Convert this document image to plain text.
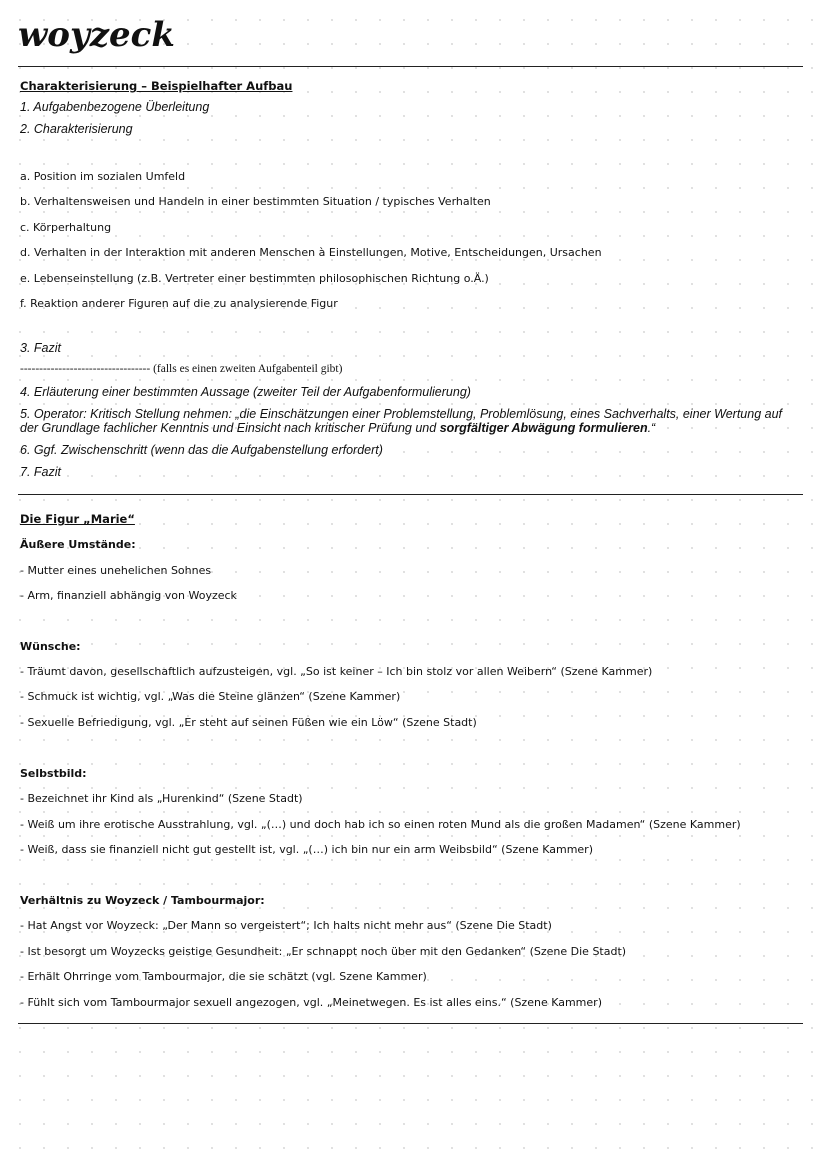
woyzeck
Charakterisierung – Beispielhafter Aufbau
1. Aufgabenbezogene Überleitung
2. Charakterisierung
a. Position im sozialen Umfeld
b. Verhaltensweisen und Handeln in einer bestimmten Situation / typisches Verhalten
c. Körperhaltung
d. Verhalten in der Interaktion mit anderen Menschen à Einstellungen, Motive, Entscheidungen, Ursachen
e. Lebenseinstellung (z.B. Vertreter einer bestimmten philosophischen Richtung o.Ä.)
f. Reaktion anderer Figuren auf die zu analysierende Figur
3. Fazit
---------------------------------- (falls es einen zweiten Aufgabenteil gibt)
4. Erläuterung einer bestimmten Aussage (zweiter Teil der Aufgabenformulierung)
5. Operator: Kritisch Stellung nehmen: „die Einschätzungen einer Problemstellung, Problemlösung, eines Sachverhalts, einer Wertung auf der Grundlage fachlicher Kenntnis und Einsicht nach kritischer Prüfung und sorgfältiger Abwägung formulieren.“
6. Ggf. Zwischenschritt (wenn das die Aufgabenstellung erfordert)
7. Fazit
Die Figur „Marie“
Äußere Umstände:
- Mutter eines unehelichen Sohnes
- Arm, finanziell abhängig von Woyzeck
Wünsche:
- Träumt davon, gesellschaftlich aufzusteigen, vgl. „So ist keiner – Ich bin stolz vor allen Weibern“ (Szene Kammer)
- Schmuck ist wichtig, vgl. „Was die Steine glänzen“ (Szene Kammer)
- Sexuelle Befriedigung, vgl. „Er steht auf seinen Füßen wie ein Löw“ (Szene Stadt)
Selbstbild:
- Bezeichnet ihr Kind als „Hurenkind“ (Szene Stadt)
- Weiß um ihre erotische Ausstrahlung, vgl. „(…) und doch hab ich so einen roten Mund als die großen Madamen“ (Szene Kammer)
- Weiß, dass sie finanziell nicht gut gestellt ist, vgl. „(…) ich bin nur ein arm Weibsbild“ (Szene Kammer)
Verhältnis zu Woyzeck / Tambourmajor:
- Hat Angst vor Woyzeck: „Der Mann so vergeistert“; Ich halts nicht mehr aus“ (Szene Die Stadt)
- Ist besorgt um Woyzecks geistige Gesundheit: „Er schnappt noch über mit den Gedanken“ (Szene Die Stadt)
- Erhält Ohrringe vom Tambourmajor, die sie schätzt (vgl. Szene Kammer)
- Fühlt sich vom Tambourmajor sexuell angezogen, vgl. „Meinetwegen. Es ist alles eins.“ (Szene Kammer)
